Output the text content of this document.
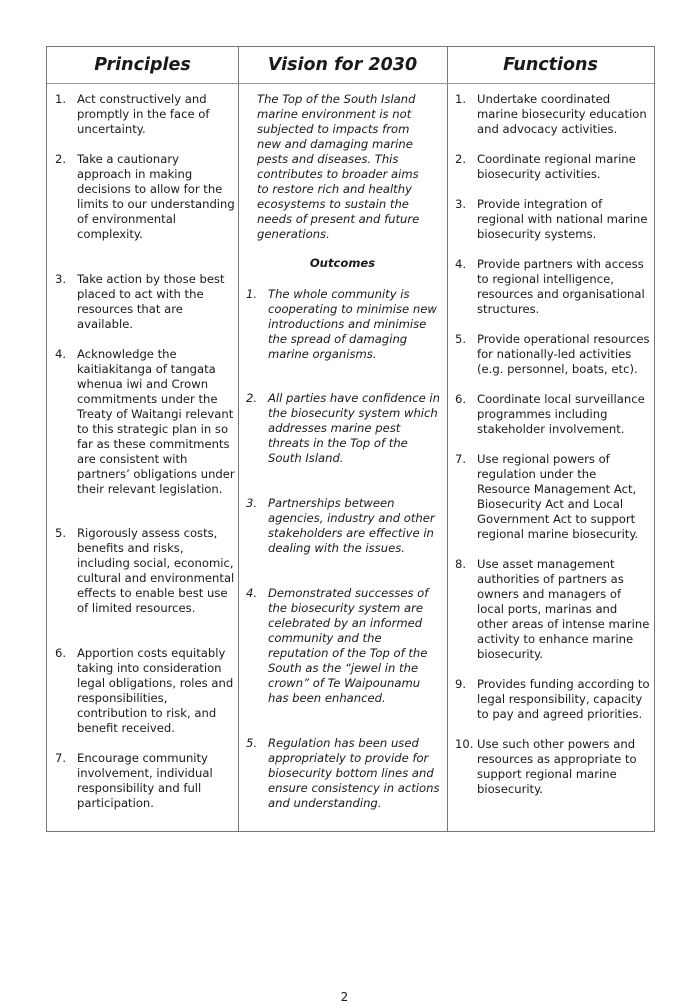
Principles
1. Act constructively and promptly in the face of uncertainty.
2. Take a cautionary approach in making decisions to allow for the limits to our understanding of environmental complexity.
3. Take action by those best placed to act with the resources that are available.
4. Acknowledge the kaitiakitanga of tangata whenua iwi and Crown commitments under the Treaty of Waitangi relevant to this strategic plan in so far as these commitments are consistent with partners’ obligations under their relevant legislation.
5. Rigorously assess costs, benefits and risks, including social, economic, cultural and environmental effects to enable best use of limited resources.
6. Apportion costs equitably taking into consideration legal obligations, roles and responsibilities, contribution to risk, and benefit received.
7. Encourage community involvement, individual responsibility and full participation.
Vision for 2030
The Top of the South Island marine environment is not subjected to impacts from new and damaging marine pests and diseases. This contributes to broader aims to restore rich and healthy ecosystems to sustain the needs of present and future generations.
Outcomes
1. The whole community is cooperating to minimise new introductions and minimise the spread of damaging marine organisms.
2. All parties have confidence in the biosecurity system which addresses marine pest threats in the Top of the South Island.
3. Partnerships between agencies, industry and other stakeholders are effective in dealing with the issues.
4. Demonstrated successes of the biosecurity system are celebrated by an informed community and the reputation of the Top of the South as the “jewel in the crown” of Te Waipounamu has been enhanced.
5. Regulation has been used appropriately to provide for biosecurity bottom lines and ensure consistency in actions and understanding.
Functions
1. Undertake coordinated marine biosecurity education and advocacy activities.
2. Coordinate regional marine biosecurity activities.
3. Provide integration of regional with national marine biosecurity systems.
4. Provide partners with access to regional intelligence, resources and organisational structures.
5. Provide operational resources for nationally-led activities (e.g. personnel, boats, etc).
6. Coordinate local surveillance programmes including stakeholder involvement.
7. Use regional powers of regulation under the Resource Management Act, Biosecurity Act and Local Government Act to support regional marine biosecurity.
8. Use asset management authorities of partners as owners and managers of local ports, marinas and other areas of intense marine activity to enhance marine biosecurity.
9. Provides funding according to legal responsibility, capacity to pay and agreed priorities.
10. Use such other powers and resources as appropriate to support regional marine biosecurity.
2
